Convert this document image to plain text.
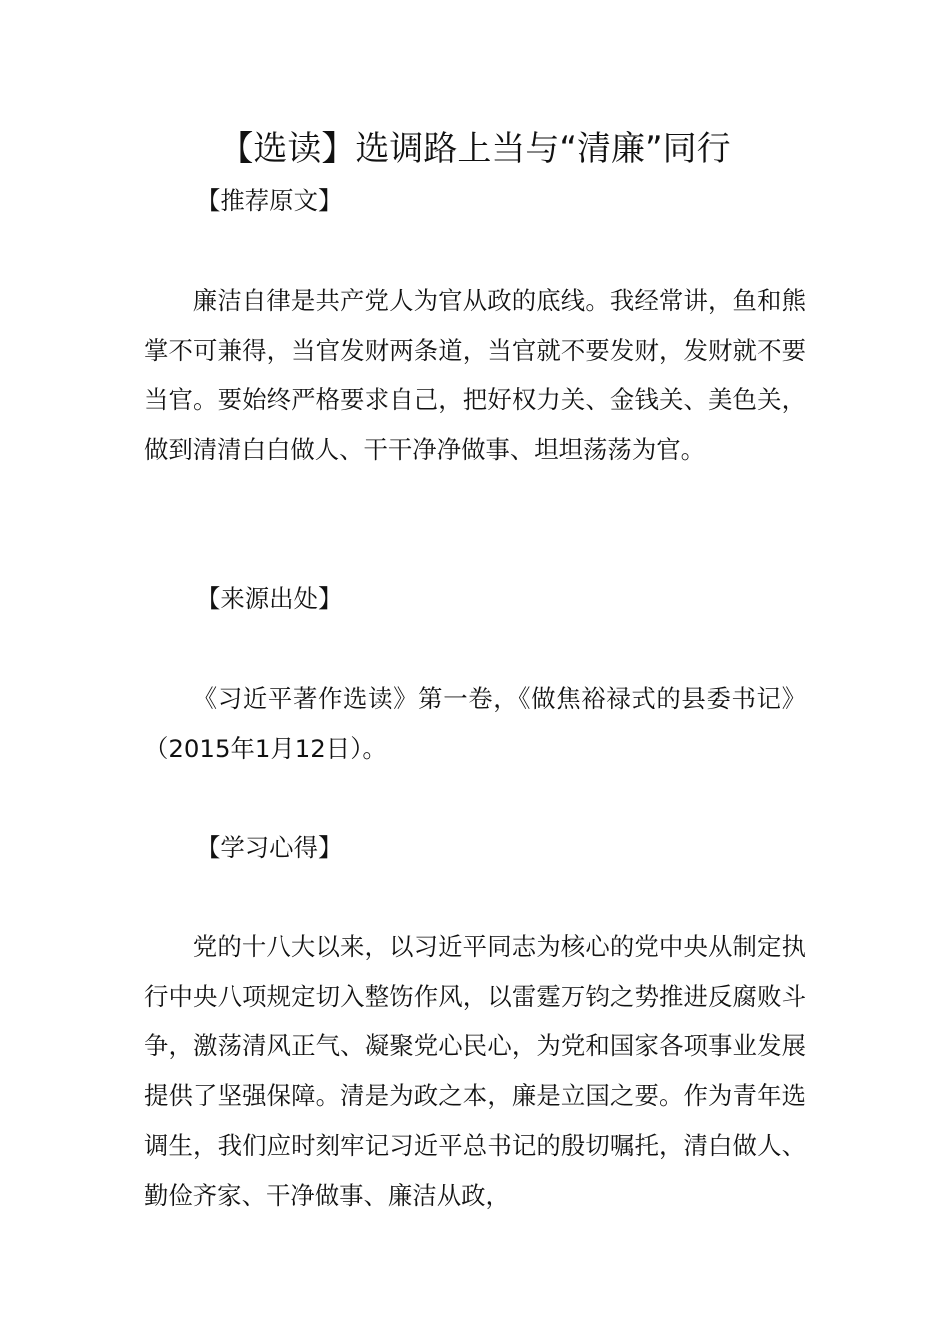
【选读】选调路上当与“清廉”同行

【推荐原文】

廉洁自律是共产党人为官从政的底线。我经常讲，鱼和熊掌不可兼得，当官发财两条道，当官就不要发财，发财就不要当官。要始终严格要求自己，把好权力关、金钱关、美色关，做到清清白白做人、干干净净做事、坦坦荡荡为官。

【来源出处】

《习近平著作选读》第一卷，《做焦裕禄式的县委书记》（2015年1月12日）。

【学习心得】

党的十八大以来，以习近平同志为核心的党中央从制定执行中央八项规定切入整饬作风，以雷霆万钧之势推进反腐败斗争，激荡清风正气、凝聚党心民心，为党和国家各项事业发展提供了坚强保障。清是为政之本，廉是立国之要。作为青年选调生，我们应时刻牢记习近平总书记的殷切嘱托，清白做人、勤俭齐家、干净做事、廉洁从政，
